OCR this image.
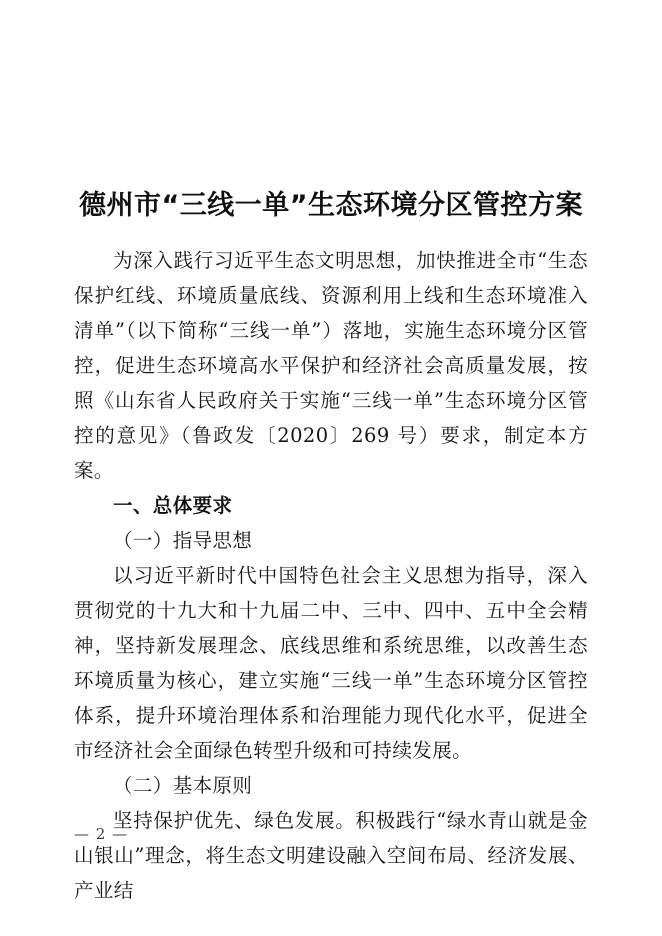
德州市“三线一单”生态环境分区管控方案

为深入践行习近平生态文明思想，加快推进全市“生态保护红线、环境质量底线、资源利用上线和生态环境准入清单”（以下简称“三线一单”）落地，实施生态环境分区管控，促进生态环境高水平保护和经济社会高质量发展，按照《山东省人民政府关于实施“三线一单”生态环境分区管控的意见》（鲁政发〔2020〕269 号）要求，制定本方案。

一、总体要求

（一）指导思想

以习近平新时代中国特色社会主义思想为指导，深入贯彻党的十九大和十九届二中、三中、四中、五中全会精神，坚持新发展理念、底线思维和系统思维，以改善生态环境质量为核心，建立实施“三线一单”生态环境分区管控体系，提升环境治理体系和治理能力现代化水平，促进全市经济社会全面绿色转型升级和可持续发展。

（二）基本原则

坚持保护优先、绿色发展。积极践行“绿水青山就是金山银山”理念，将生态文明建设融入空间布局、经济发展、产业结

— 2 —
